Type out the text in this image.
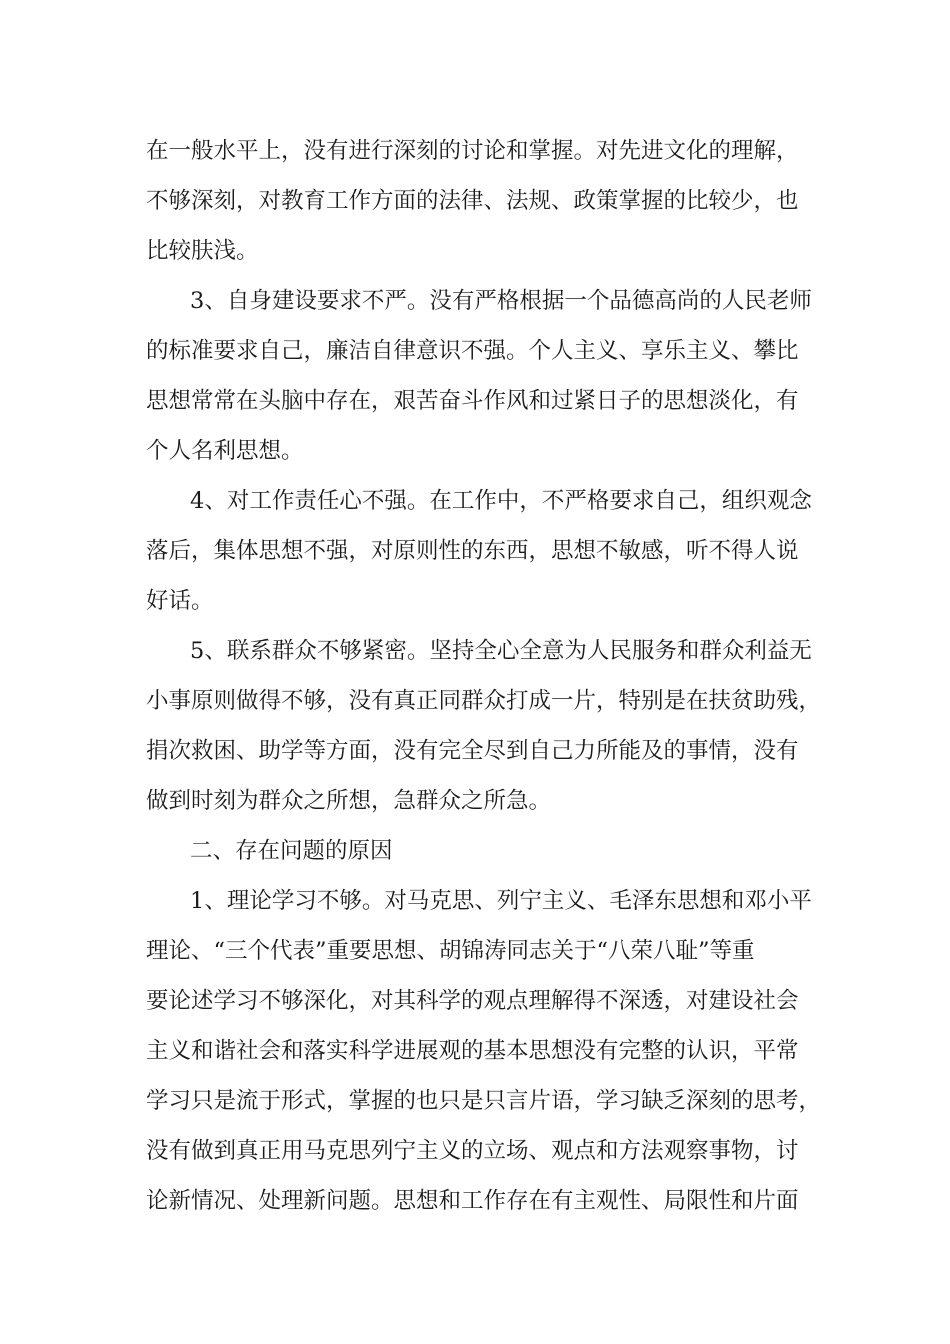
在一般水平上，没有进行深刻的讨论和掌握。对先进文化的理解，
不够深刻，对教育工作方面的法律、法规、政策掌握的比较少，也
比较肤浅。
3、自身建设要求不严。没有严格根据一个品德高尚的人民老师
的标准要求自己，廉洁自律意识不强。个人主义、享乐主义、攀比
思想常常在头脑中存在，艰苦奋斗作风和过紧日子的思想淡化，有
个人名利思想。
4、对工作责任心不强。在工作中，不严格要求自己，组织观念
落后，集体思想不强，对原则性的东西，思想不敏感，听不得人说
好话。
5、联系群众不够紧密。坚持全心全意为人民服务和群众利益无
小事原则做得不够，没有真正同群众打成一片，特别是在扶贫助残，
捐次救困、助学等方面，没有完全尽到自己力所能及的事情，没有
做到时刻为群众之所想，急群众之所急。
二、存在问题的原因
1、理论学习不够。对马克思、列宁主义、毛泽东思想和邓小平
理论、“三个代表”重要思想、胡锦涛同志关于“八荣八耻”等重
要论述学习不够深化，对其科学的观点理解得不深透，对建设社会
主义和谐社会和落实科学进展观的基本思想没有完整的认识，平常
学习只是流于形式，掌握的也只是只言片语，学习缺乏深刻的思考，
没有做到真正用马克思列宁主义的立场、观点和方法观察事物，讨
论新情况、处理新问题。思想和工作存在有主观性、局限性和片面
